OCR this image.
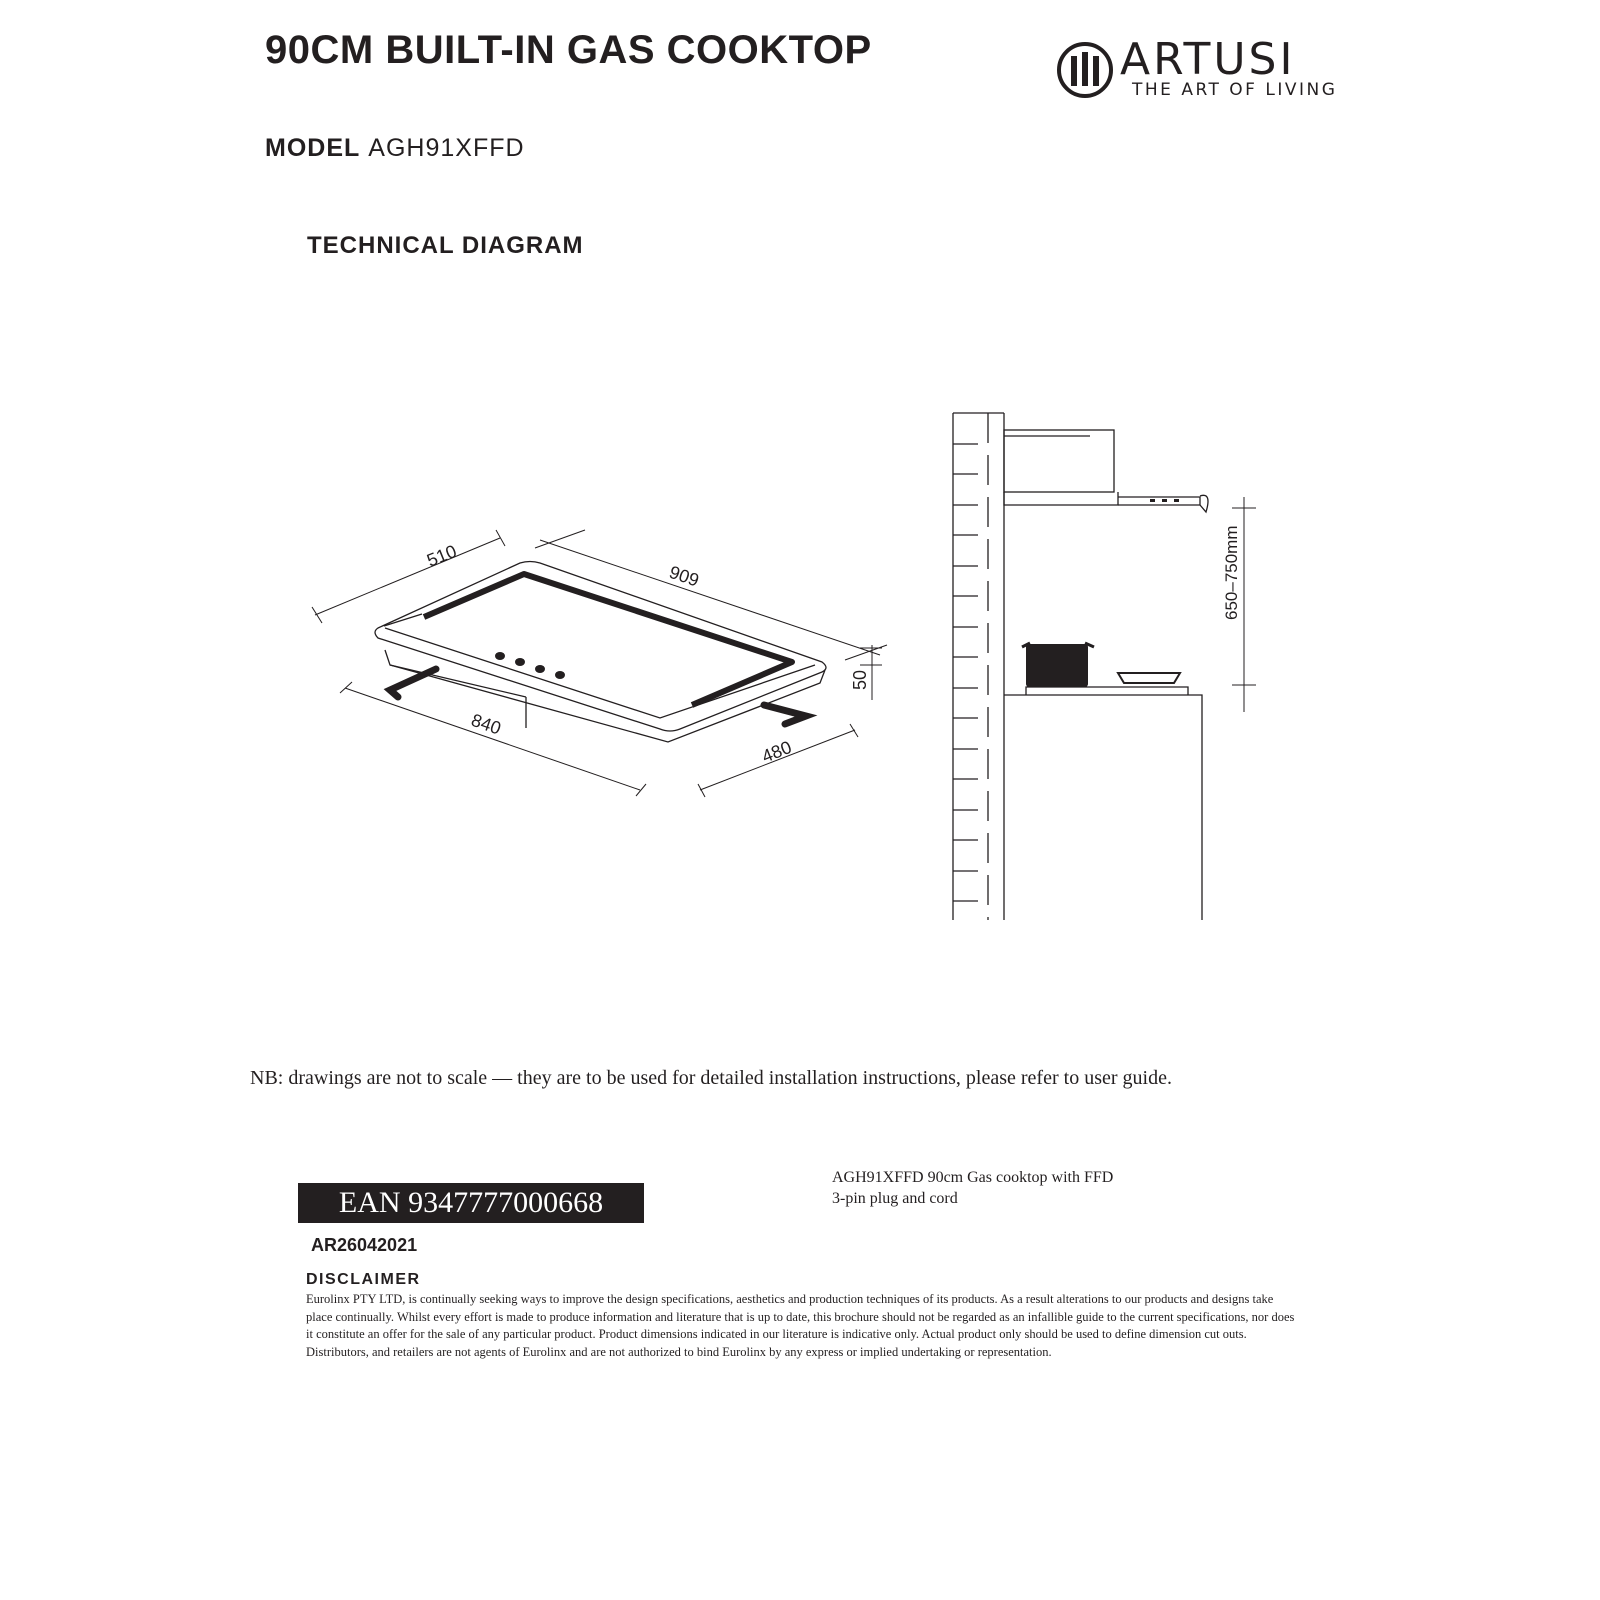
90CM BUILT-IN GAS COOKTOP	ARTUSI
THE ART OF LIVING
MODEL AGH91XFFD
TECHNICAL DIAGRAM
510
909
50
840
480
650–750mm
NB: drawings are not to scale — they are to be used for detailed installation instructions, please refer to user guide.
EAN 9347777000668
AGH91XFFD 90cm Gas cooktop with FFD
3-pin plug and cord
AR26042021
DISCLAIMER
Eurolinx PTY LTD, is continually seeking ways to improve the design specifications, aesthetics and production techniques of its products. As a result alterations to our products and designs take place continually. Whilst every effort is made to produce information and literature that is up to date, this brochure should not be regarded as an infallible guide to the current specifications, nor does it constitute an offer for the sale of any particular product. Product dimensions indicated in our literature is indicative only. Actual product only should be used to define dimension cut outs. Distributors, and retailers are not agents of Eurolinx and are not authorized to bind Eurolinx by any express or implied undertaking or representation.
